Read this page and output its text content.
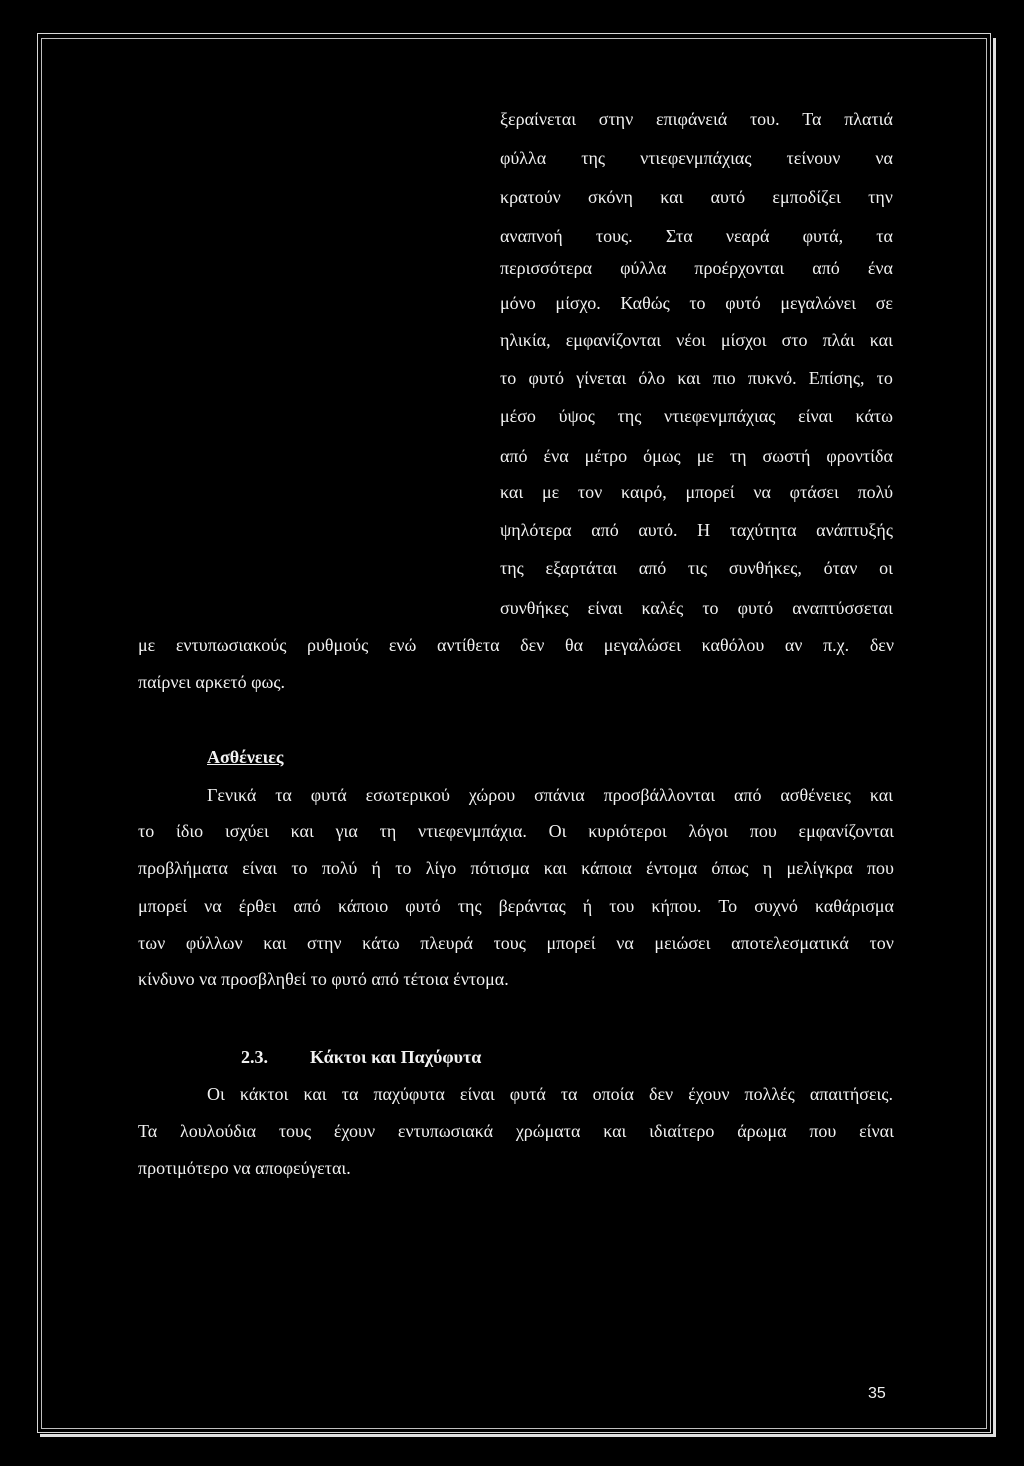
ξεραίνεται στην επιφάνειά του. Τα πλατιά
φύλλα της ντιεφενμπάχιας τείνουν να
κρατούν σκόνη και αυτό εμποδίζει την
αναπνοή τους. Στα νεαρά φυτά, τα
περισσότερα φύλλα προέρχονται από ένα
μόνο μίσχο. Καθώς το φυτό μεγαλώνει σε
ηλικία, εμφανίζονται νέοι μίσχοι στο πλάι και
το φυτό γίνεται όλο και πιο πυκνό. Επίσης, το
μέσο ύψος της ντιεφενμπάχιας είναι κάτω
από ένα μέτρο όμως με τη σωστή φροντίδα
και με τον καιρό, μπορεί να φτάσει πολύ
ψηλότερα από αυτό. Η ταχύτητα ανάπτυξής
της εξαρτάται από τις συνθήκες, όταν οι
συνθήκες είναι καλές το φυτό αναπτύσσεται
με εντυπωσιακούς ρυθμούς ενώ αντίθετα δεν θα μεγαλώσει καθόλου αν π.χ. δεν
παίρνει αρκετό φως.
Ασθένειες
Γενικά τα φυτά εσωτερικού χώρου σπάνια προσβάλλονται από ασθένειες και
το ίδιο ισχύει και για τη ντιεφενμπάχια. Οι κυριότεροι λόγοι που εμφανίζονται
προβλήματα είναι το πολύ ή το λίγο πότισμα και κάποια έντομα όπως η μελίγκρα που
μπορεί να έρθει από κάποιο φυτό της βεράντας ή του κήπου. Το συχνό καθάρισμα
των φύλλων και στην κάτω πλευρά τους μπορεί να μειώσει αποτελεσματικά τον
κίνδυνο να προσβληθεί το φυτό από τέτοια έντομα.
2.3. Κάκτοι και Παχύφυτα
Οι κάκτοι και τα παχύφυτα είναι φυτά τα οποία δεν έχουν πολλές απαιτήσεις.
Τα λουλούδια τους έχουν εντυπωσιακά χρώματα και ιδιαίτερο άρωμα που είναι
προτιμότερο να αποφεύγεται.
35
